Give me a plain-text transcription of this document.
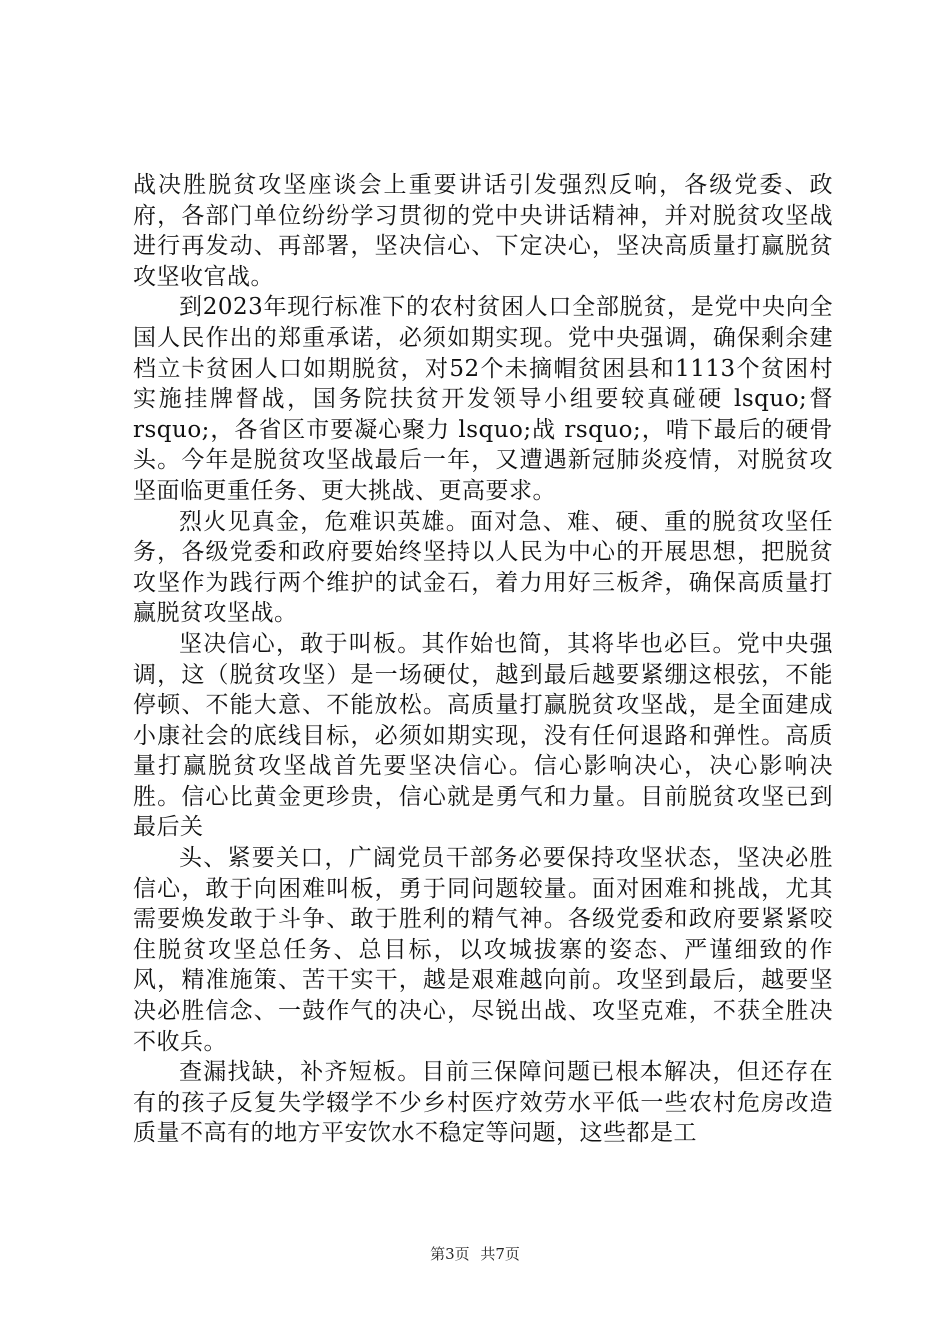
战决胜脱贫攻坚座谈会上重要讲话引发强烈反响，各级党委、政府，各部门单位纷纷学习贯彻的党中央讲话精神，并对脱贫攻坚战进行再发动、再部署，坚决信心、下定决心，坚决高质量打赢脱贫攻坚收官战。

到2023年现行标准下的农村贫困人口全部脱贫，是党中央向全国人民作出的郑重承诺，必须如期实现。党中央强调，确保剩余建档立卡贫困人口如期脱贫，对52个未摘帽贫困县和1113个贫困村实施挂牌督战，国务院扶贫开发领导小组要较真碰硬 lsquo;督 rsquo;，各省区市要凝心聚力 lsquo;战 rsquo;，啃下最后的硬骨头。今年是脱贫攻坚战最后一年，又遭遇新冠肺炎疫情，对脱贫攻坚面临更重任务、更大挑战、更高要求。

烈火见真金，危难识英雄。面对急、难、硬、重的脱贫攻坚任务，各级党委和政府要始终坚持以人民为中心的开展思想，把脱贫攻坚作为践行两个维护的试金石，着力用好三板斧，确保高质量打赢脱贫攻坚战。

坚决信心，敢于叫板。其作始也简，其将毕也必巨。党中央强调，这（脱贫攻坚）是一场硬仗，越到最后越要紧绷这根弦，不能停顿、不能大意、不能放松。高质量打赢脱贫攻坚战，是全面建成小康社会的底线目标，必须如期实现，没有任何退路和弹性。高质量打赢脱贫攻坚战首先要坚决信心。信心影响决心，决心影响决胜。信心比黄金更珍贵，信心就是勇气和力量。目前脱贫攻坚已到最后关

头、紧要关口，广阔党员干部务必要保持攻坚状态，坚决必胜信心，敢于向困难叫板，勇于同问题较量。面对困难和挑战，尤其需要焕发敢于斗争、敢于胜利的精气神。各级党委和政府要紧紧咬住脱贫攻坚总任务、总目标，以攻城拔寨的姿态、严谨细致的作风，精准施策、苦干实干，越是艰难越向前。攻坚到最后，越要坚决必胜信念、一鼓作气的决心，尽锐出战、攻坚克难，不获全胜决不收兵。

查漏找缺，补齐短板。目前三保障问题已根本解决，但还存在有的孩子反复失学辍学不少乡村医疗效劳水平低一些农村危房改造质量不高有的地方平安饮水不稳定等问题，这些都是工

第3页 共7页
